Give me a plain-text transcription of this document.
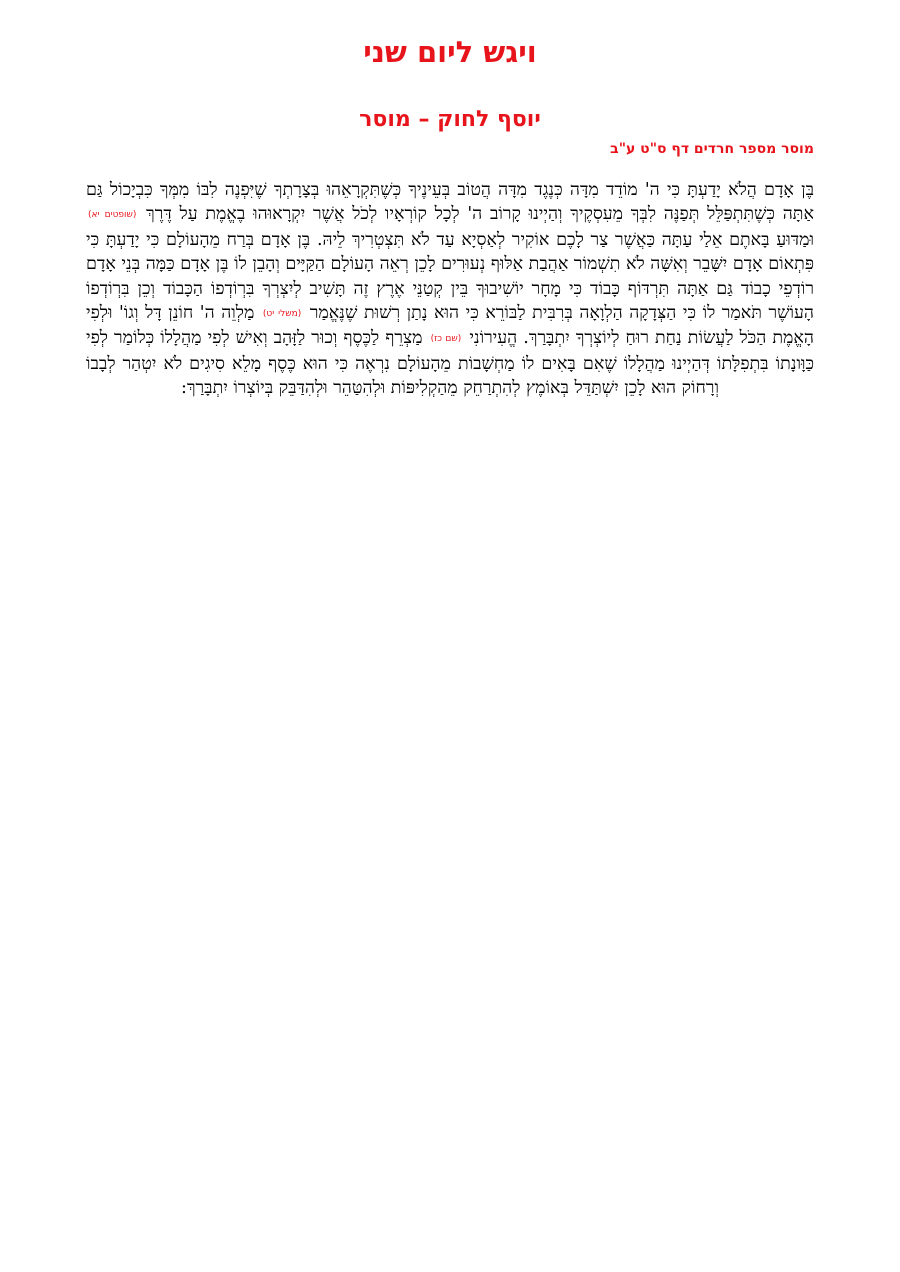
ויגש ליום שני
יוסף לחוק – מוסר
מוסר מספר חרדים דף ס"ט ע"ב

בֶּן אָדָם הֲלֹא יָדַעְתָּ כִּי ה' מוֹדֵד מִדָּה כְּנֶגֶד מִדָּה הֲטוֹב בְּעֵינֶיךָ כְּשֶׁתִּקְרָאֵהוּ בְּצָרָתְךָ שֶׁיִּפְנֶה לִבּוֹ מִמְּךָ כִּבְיָכוֹל גַּם אַתָּה כְּשֶׁתִּתְפַּלֵּל תְּפַנֶּה לִבְּךָ מֵעִסְקֶיךָ וְהַיְינוּ קָרוֹב ה' לְכָל קוֹרְאָיו לְכֹל אֲשֶׁר יִקְרָאוּהוּ בֶאֱמֶת עַל דֶּרֶךְ (שופטים יא) וּמַדּוּעַ בָּאתֶם אֵלַי עַתָּה כַּאֲשֶׁר צַר לָכֶם אוֹקִיר לְאַסְיָא עַד לֹא תִּצְטְרִיךְ לֵיהּ. בֶּן אָדָם בְּרַח מֵהָעוֹלָם כִּי יָדַעְתָּ כִּי פִּתְאוֹם אָדָם יִשָּׁבֵר וְאִשָּׁה לֹא תִשְׁמוֹר אַהֲבַת אַלּוּף נְעוּרִים לָכֵן רְאֵה הָעוֹלָם הַקַּיָּים וְהָבֵן לוֹ בֶּן אָדָם כַּמָּה בְּנֵי אָדָם רוֹדְפֵי כָבוֹד גַּם אַתָּה תִּרְדּוֹף כָּבוֹד כִּי מָחָר יוֹשִׁיבוּךָ בֵּין קְטַנֵּי אֶרֶץ זֶה תָּשִׁיב לְיִצְרְךָ בִּרְוֹדְפוֹ הַכָּבוֹד וְכֵן בִּרְוֹדְפוֹ הָעוֹשֶׁר תֹּאמַר לוֹ כִּי הַצְּדָקָה הַלְוָאָה בְּרִבִּית לַבּוֹרֵא כִּי הוּא נָתַן רְשׁוּת שֶׁנֶּאֱמַר (משלי יט) מַלְוֵה ה' חוֹנֵן דָּל וְגוֹ' וּלְפִי הָאֱמֶת הַכֹּל לַעֲשׂוֹת נַחַת רוּחַ לְיוֹצְרְךָ יִתְבָּרַךְ. הֱעִירוֹנִי (שם כז) מַצְרֵף לַכֶּסֶף וְכוּר לַזָּהָב וְאִישׁ לְפִי מַהֲלָלוֹ כְּלוֹמַר לְפִי כַּוָּונָתוֹ בִּתְפִלָּתוֹ דְּהַיְינוּ מַהֲלָלוֹ שֶׁאִם בָּאִים לוֹ מַחְשָׁבוֹת מֵהָעוֹלָם נִרְאֶה כִּי הוּא כֶּסֶף מָלֵא סִיגִים לֹא יִטְהַר לְבָבוֹ וְרָחוֹק הוּא לָכֵן יִשְׁתַּדֵּל בְּאוֹמֶץ לְהִתְרַחֵק מֵהַקְלִיפּוֹת וּלְהִטַּהֵר וּלְהִדַּבֵּק בְּיוֹצְרוֹ יִתְבָּרַךְ:
